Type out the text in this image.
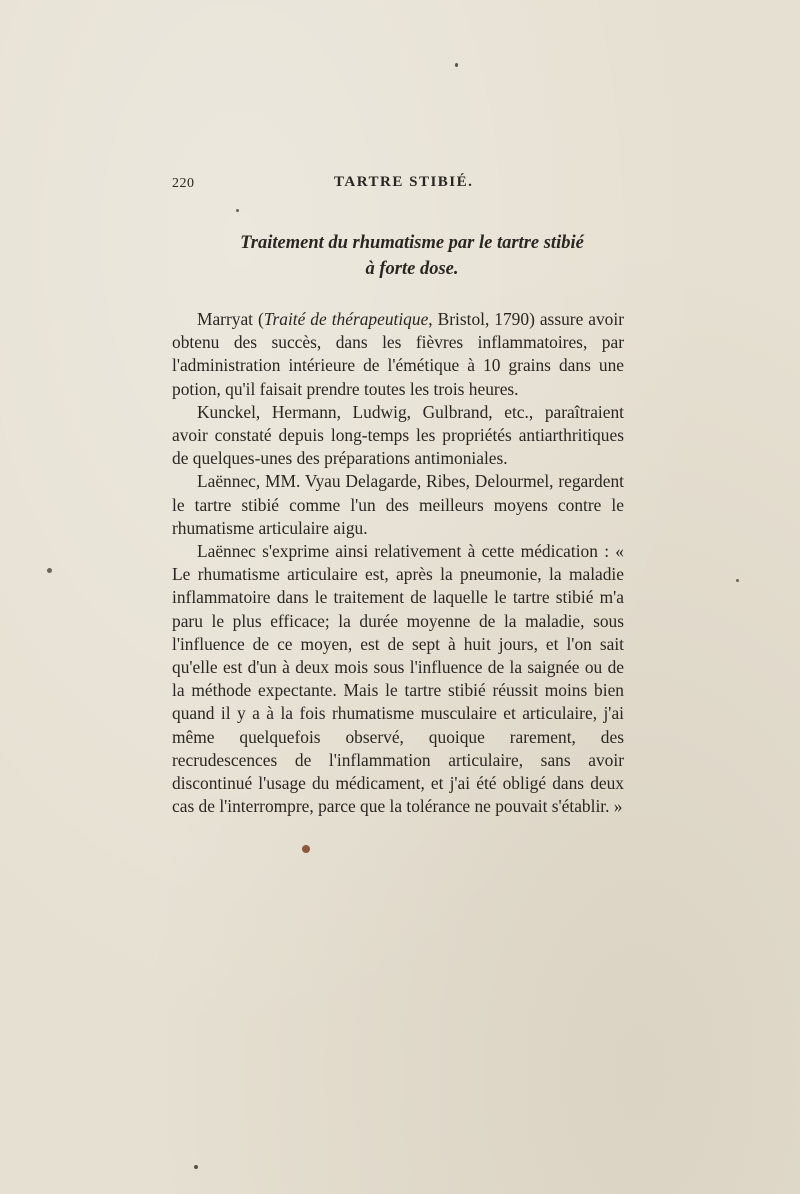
220	TARTRE STIBIÉ.
Traitement du rhumatisme par le tartre stibié
à forte dose.

Marryat (Traité de thérapeutique, Bristol, 1790) assure avoir obtenu des succès, dans les fièvres inflammatoires, par l'administration intérieure de l'émétique à 10 grains dans une potion, qu'il faisait prendre toutes les trois heures.

Kunckel, Hermann, Ludwig, Gulbrand, etc., paraîtraient avoir constaté depuis long-temps les propriétés antiarthritiques de quelques-unes des préparations antimoniales.

Laënnec, MM. Vyau Delagarde, Ribes, Delourmel, regardent le tartre stibié comme l'un des meilleurs moyens contre le rhumatisme articulaire aigu.

Laënnec s'exprime ainsi relativement à cette médication : « Le rhumatisme articulaire est, après la pneumonie, la maladie inflammatoire dans le traitement de laquelle le tartre stibié m'a paru le plus efficace; la durée moyenne de la maladie, sous l'influence de ce moyen, est de sept à huit jours, et l'on sait qu'elle est d'un à deux mois sous l'influence de la saignée ou de la méthode expectante. Mais le tartre stibié réussit moins bien quand il y a à la fois rhumatisme musculaire et articulaire, j'ai même quelquefois observé, quoique rarement, des recrudescences de l'inflammation articulaire, sans avoir discontinué l'usage du médicament, et j'ai été obligé dans deux cas de l'interrompre, parce que la tolérance ne pouvait s'établir. »
